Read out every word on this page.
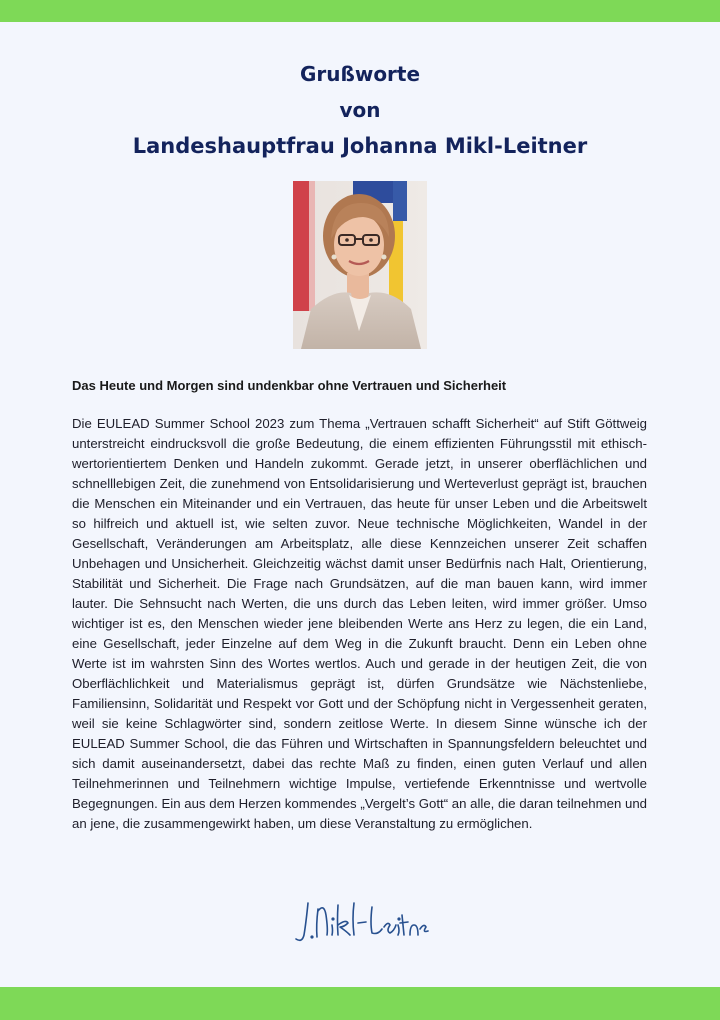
Grußworte
von
Landeshauptfrau Johanna Mikl-Leitner
Das Heute und Morgen sind undenkbar ohne Vertrauen und Sicherheit

Die EULEAD Summer School 2023 zum Thema „Vertrauen schafft Sicherheit“ auf Stift Göttweig unterstreicht eindrucksvoll die große Bedeutung, die einem effizienten Führungsstil mit ethisch-wertorientiertem Denken und Handeln zukommt. Gerade jetzt, in unserer oberflächlichen und schnelllebigen Zeit, die zunehmend von Entsolidarisierung und Werteverlust geprägt ist, brauchen die Menschen ein Miteinander und ein Vertrauen, das heute für unser Leben und die Arbeitswelt so hilfreich und aktuell ist, wie selten zuvor. Neue technische Möglichkeiten, Wandel in der Gesellschaft, Veränderungen am Arbeitsplatz, alle diese Kennzeichen unserer Zeit schaffen Unbehagen und Unsicherheit. Gleichzeitig wächst damit unser Bedürfnis nach Halt, Orientierung, Stabilität und Sicherheit. Die Frage nach Grundsätzen, auf die man bauen kann, wird immer lauter. Die Sehnsucht nach Werten, die uns durch das Leben leiten, wird immer größer. Umso wichtiger ist es, den Menschen wieder jene bleibenden Werte ans Herz zu legen, die ein Land, eine Gesellschaft, jeder Einzelne auf dem Weg in die Zukunft braucht. Denn ein Leben ohne Werte ist im wahrsten Sinn des Wortes wertlos. Auch und gerade in der heutigen Zeit, die von Oberflächlichkeit und Materialismus geprägt ist, dürfen Grundsätze wie Nächstenliebe, Familiensinn, Solidarität und Respekt vor Gott und der Schöpfung nicht in Vergessenheit geraten, weil sie keine Schlagwörter sind, sondern zeitlose Werte. In diesem Sinne wünsche ich der EULEAD Summer School, die das Führen und Wirtschaften in Spannungsfeldern beleuchtet und sich damit auseinandersetzt, dabei das rechte Maß zu finden, einen guten Verlauf und allen Teilnehmerinnen und Teilnehmern wichtige Impulse, vertiefende Erkenntnisse und wertvolle Begegnungen. Ein aus dem Herzen kommendes „Vergelt’s Gott“ an alle, die daran teilnehmen und an jene, die zusammengewirkt haben, um diese Veranstaltung zu ermöglichen.
